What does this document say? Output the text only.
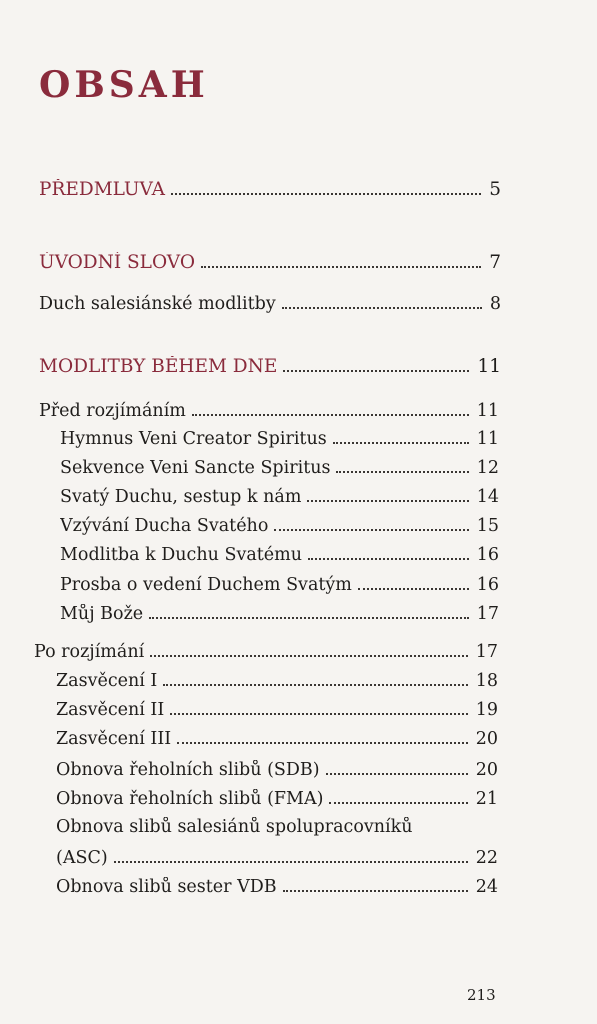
OBSAH
PŘEDMLUVA	5
ÚVODNÍ SLOVO	7
Duch salesiánské modlitby	8
MODLITBY BĚHEM DNE	11
Před rozjímáním	11
Hymnus Veni Creator Spiritus	11
Sekvence Veni Sancte Spiritus	12
Svatý Duchu, sestup k nám	14
Vzývání Ducha Svatého	15
Modlitba k Duchu Svatému	16
Prosba o vedení Duchem Svatým	16
Můj Bože	17
Po rozjímání	17
Zasvěcení I	18
Zasvěcení II	19
Zasvěcení III	20
Obnova řeholních slibů (SDB)	20
Obnova řeholních slibů (FMA)	21
Obnova slibů salesiánů spolupracovníků
(ASC)	22
Obnova slibů sester VDB	24
213
